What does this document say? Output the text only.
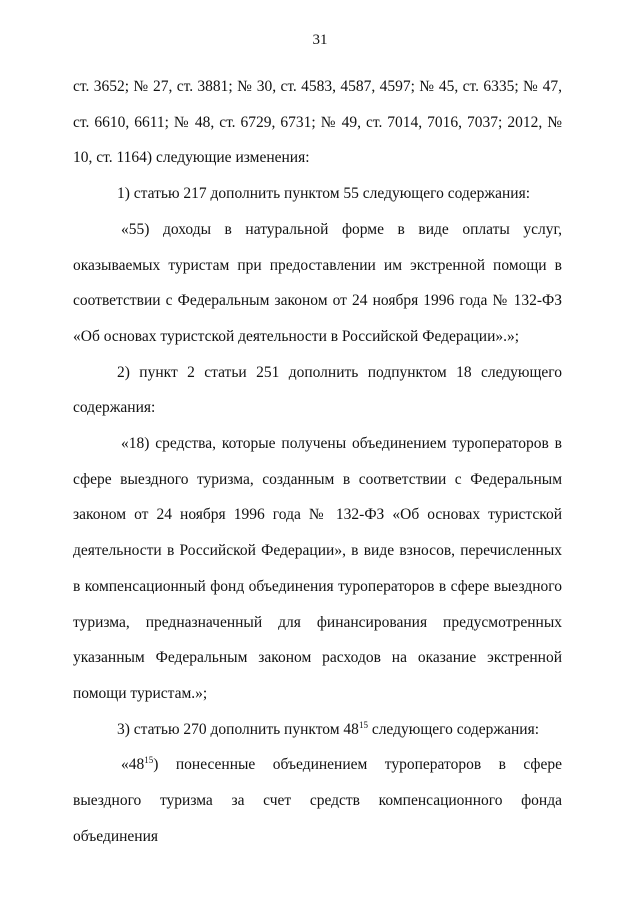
31

ст. 3652; № 27, ст. 3881; № 30, ст. 4583, 4587, 4597; № 45, ст. 6335; № 47, ст. 6610, 6611; № 48, ст. 6729, 6731; № 49, ст. 7014, 7016, 7037; 2012, № 10, ст. 1164) следующие изменения:

1) статью 217 дополнить пунктом 55 следующего содержания:

«55) доходы в натуральной форме в виде оплаты услуг, оказываемых туристам при предоставлении им экстренной помощи в соответствии с Федеральным законом от 24 ноября 1996 года № 132-ФЗ «Об основах туристской деятельности в Российской Федерации».»;

2) пункт 2 статьи 251 дополнить подпунктом 18 следующего содержания:

«18) средства, которые получены объединением туроператоров в сфере выездного туризма, созданным в соответствии с Федеральным законом от 24 ноября 1996 года № 132-ФЗ «Об основах туристской деятельности в Российской Федерации», в виде взносов, перечисленных в компенсационный фонд объединения туроператоров в сфере выездного туризма, предназначенный для финансирования предусмотренных указанным Федеральным законом расходов на оказание экстренной помощи туристам.»;

3) статью 270 дополнить пунктом $48^{15}$ следующего содержания:

«$48^{15}$) понесенные объединением туроператоров в сфере выездного туризма за счет средств компенсационного фонда объединения
